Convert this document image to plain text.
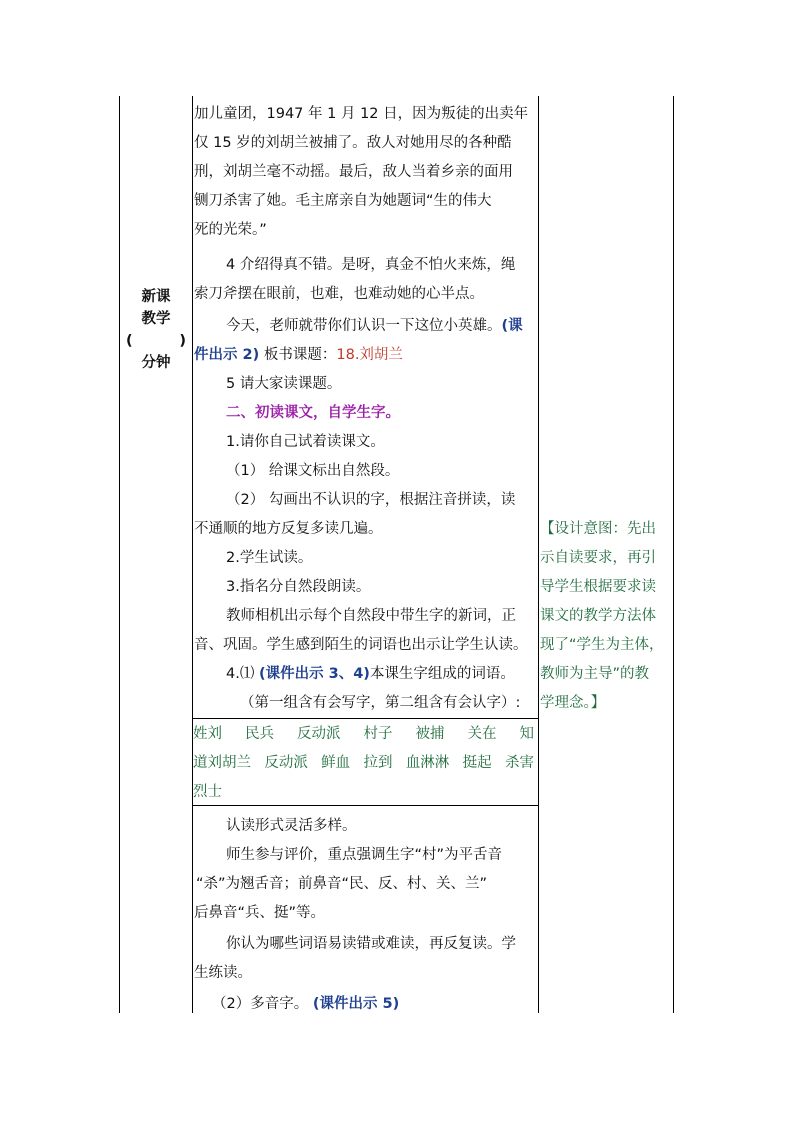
新课
教学
(	)
分钟
加儿童团，1947 年 1 月 12 日，因为叛徒的出卖年
仅 15 岁的刘胡兰被捕了。敌人对她用尽的各种酷
刑，刘胡兰毫不动摇。最后，敌人当着乡亲的面用
铡刀杀害了她。毛主席亲自为她题词“生的伟大
死的光荣。”
4 介绍得真不错。是呀，真金不怕火来炼，绳
索刀斧摆在眼前，也难，也难动她的心半点。
今天，老师就带你们认识一下这位小英雄。(课
件出示 2) 板书课题：18.刘胡兰
5 请大家读课题。
二、初读课文，自学生字。
1.请你自己试着读课文。
（1） 给课文标出自然段。
（2） 勾画出不认识的字，根据注音拼读，读
不通顺的地方反复多读几遍。
2.学生试读。
3.指名分自然段朗读。
教师相机出示每个自然段中带生字的新词，正
音、巩固。学生感到陌生的词语也出示让学生认读。
4.⑴ (课件出示 3、4)本课生字组成的词语。
（第一组含有会写字，第二组含有会认字）:
姓刘 民兵 反动派 村子 被捕 关在 知
道刘胡兰 反动派 鲜血 拉到 血淋淋 挺起 杀害
烈士
认读形式灵活多样。
师生参与评价，重点强调生字“村”为平舌音
“杀”为翘舌音；前鼻音“民、反、村、关、兰”
后鼻音“兵、挺”等。
你认为哪些词语易读错或难读，再反复读。学
生练读。
（2）多音字。 (课件出示 5)
【设计意图：先出
示自读要求，再引
导学生根据要求读
课文的教学方法体
现了“学生为主体，
教师为主导”的教
学理念。】
